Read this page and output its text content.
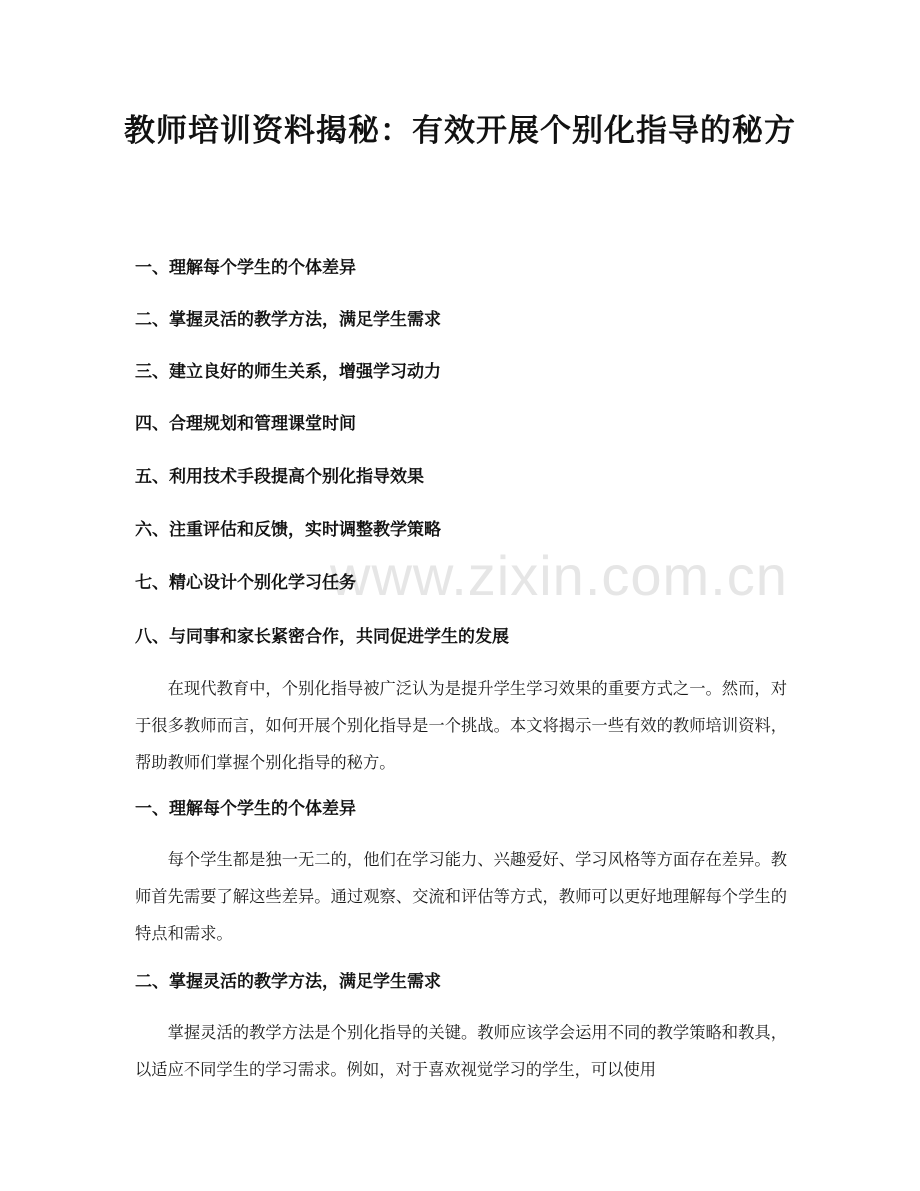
www.zixin.com.cn
教师培训资料揭秘：有效开展个别化指导的秘方
一、理解每个学生的个体差异
二、掌握灵活的教学方法，满足学生需求
三、建立良好的师生关系，增强学习动力
四、合理规划和管理课堂时间
五、利用技术手段提高个别化指导效果
六、注重评估和反馈，实时调整教学策略
七、精心设计个别化学习任务
八、与同事和家长紧密合作，共同促进学生的发展
在现代教育中，个别化指导被广泛认为是提升学生学习效果的重要方式之一。然而，对于很多教师而言，如何开展个别化指导是一个挑战。本文将揭示一些有效的教师培训资料，帮助教师们掌握个别化指导的秘方。
一、理解每个学生的个体差异
每个学生都是独一无二的，他们在学习能力、兴趣爱好、学习风格等方面存在差异。教师首先需要了解这些差异。通过观察、交流和评估等方式，教师可以更好地理解每个学生的特点和需求。
二、掌握灵活的教学方法，满足学生需求
掌握灵活的教学方法是个别化指导的关键。教师应该学会运用不同的教学策略和教具，以适应不同学生的学习需求。例如，对于喜欢视觉学习的学生，可以使用
